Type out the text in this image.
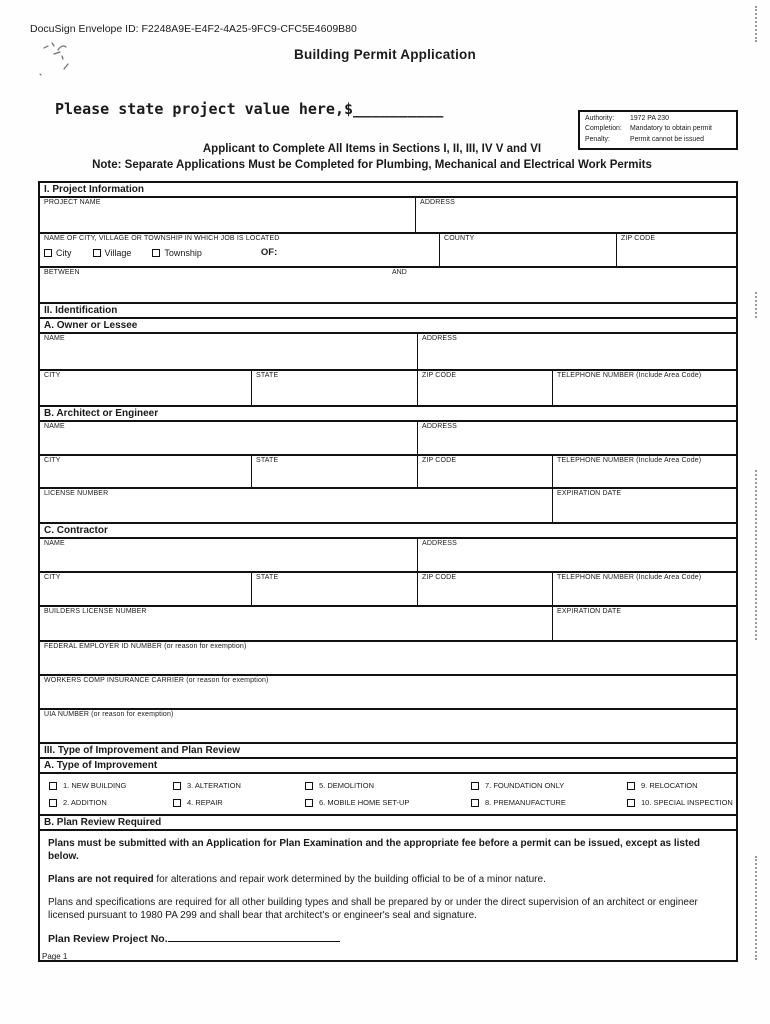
DocuSign Envelope ID: F2248A9E-E4F2-4A25-9FC9-CFC5E4609B80
Building Permit Application
Please state project value here,$__________
Authority:	1972 PA 230
Completion:	Mandatory to obtain permit
Penalty:	Permit cannot be issued
Applicant to Complete All Items in Sections I, II, III, IV V and VI
Note: Separate Applications Must be Completed for Plumbing, Mechanical and Electrical Work Permits
I. Project Information
PROJECT NAME	ADDRESS
NAME OF CITY, VILLAGE OR TOWNSHIP IN WHICH JOB IS LOCATED
City	Village	Township	OF:
COUNTY	ZIP CODE
BETWEEN	AND
II. Identification
A. Owner or Lessee
NAME	ADDRESS
CITY	STATE	ZIP CODE	TELEPHONE NUMBER (Include Area Code)
B. Architect or Engineer
NAME	ADDRESS
CITY	STATE	ZIP CODE	TELEPHONE NUMBER (Include Area Code)
LICENSE NUMBER	EXPIRATION DATE
C. Contractor
NAME	ADDRESS
CITY	STATE	ZIP CODE	TELEPHONE NUMBER (Include Area Code)
BUILDERS LICENSE NUMBER	EXPIRATION DATE
FEDERAL EMPLOYER ID NUMBER (or reason for exemption)
WORKERS COMP INSURANCE CARRIER (or reason for exemption)
UIA NUMBER (or reason for exemption)
III. Type of Improvement and Plan Review
A. Type of Improvement
1. NEW BUILDING	3. ALTERATION	5. DEMOLITION	7. FOUNDATION ONLY	9. RELOCATION
2. ADDITION	4. REPAIR	6. MOBILE HOME SET-UP	8. PREMANUFACTURE	10. SPECIAL INSPECTION
B. Plan Review Required

Plans must be submitted with an Application for Plan Examination and the appropriate fee before a permit can be issued, except as listed below.

Plans are not required for alterations and repair work determined by the building official to be of a minor nature.

Plans and specifications are required for all other building types and shall be prepared by or under the direct supervision of an architect or engineer licensed pursuant to 1980 PA 299 and shall bear that architect's or engineer's seal and signature.

Plan Review Project No.

Page 1
